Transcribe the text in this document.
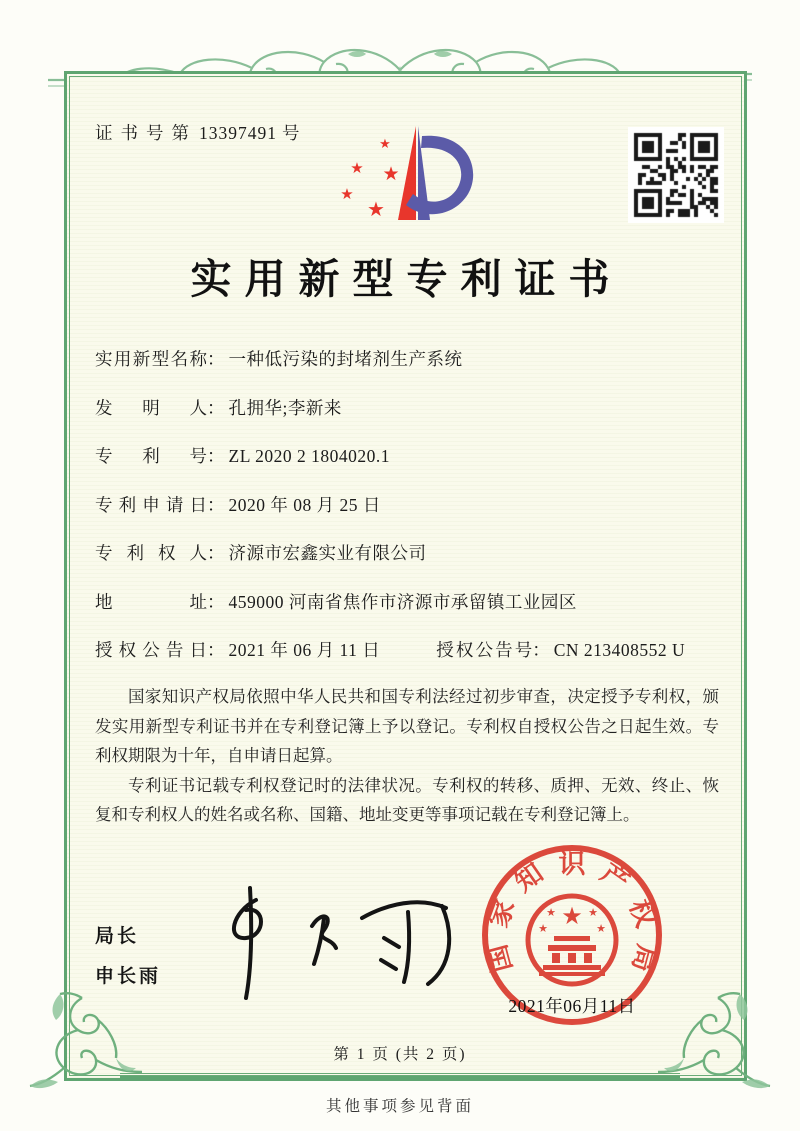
证书号第 13397491 号
★
★ ★
★
★
实用新型专利证书
实用新型名称 ： 一种低污染的封堵剂生产系统
发明人 ： 孔拥华;李新来
专利号 ： ZL 2020 2 1804020.1
专利申请日 ： 2020 年 08 月 25 日
专利权人 ： 济源市宏鑫实业有限公司
地址 ： 459000 河南省焦作市济源市承留镇工业园区
授权公告日 ： 2021 年 06 月 11 日	授权公告号 ： CN 213408552 U

国家知识产权局依照中华人民共和国专利法经过初步审查，决定授予专利权，颁发实用新型专利证书并在专利登记簿上予以登记。专利权自授权公告之日起生效。专利权期限为十年，自申请日起算。

专利证书记载专利权登记时的法律状况。专利权的转移、质押、无效、终止、恢复和专利权人的姓名或名称、国籍、地址变更等事项记载在专利登记簿上。

局长
申长雨
国
家
知 识 产
权
局
★
★	★
★	★
2021年06月11日
第 1 页 (共 2 页)
其他事项参见背面
